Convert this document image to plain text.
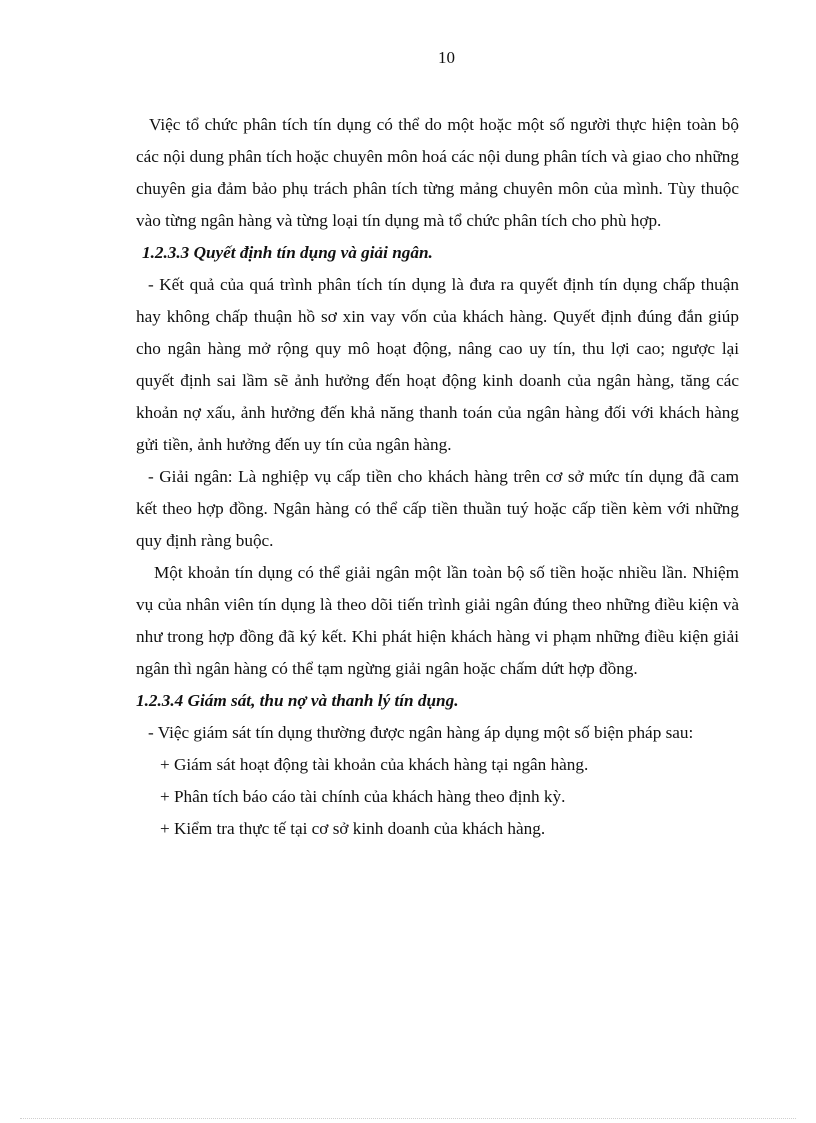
10

Việc tổ chức phân tích tín dụng có thể do một hoặc một số người thực hiện toàn bộ các nội dung phân tích hoặc chuyên môn hoá các nội dung phân tích và giao cho những chuyên gia đảm bảo phụ trách phân tích từng mảng chuyên môn của mình. Tùy thuộc vào từng ngân hàng và từng loại tín dụng mà tổ chức phân tích cho phù hợp.

1.2.3.3 Quyết định tín dụng và giải ngân.

- Kết quả của quá trình phân tích tín dụng là đưa ra quyết định tín dụng chấp thuận hay không chấp thuận hồ sơ xin vay vốn của khách hàng. Quyết định đúng đắn giúp cho ngân hàng mở rộng quy mô hoạt động, nâng cao uy tín, thu lợi cao; ngược lại quyết định sai lầm sẽ ảnh hưởng đến hoạt động kinh doanh của ngân hàng, tăng các khoản nợ xấu, ảnh hưởng đến khả năng thanh toán của ngân hàng đối với khách hàng gửi tiền, ảnh hưởng đến uy tín của ngân hàng.

- Giải ngân: Là nghiệp vụ cấp tiền cho khách hàng trên cơ sở mức tín dụng đã cam kết theo hợp đồng. Ngân hàng có thể cấp tiền thuần tuý hoặc cấp tiền kèm với những quy định ràng buộc.

Một khoản tín dụng có thể giải ngân một lần toàn bộ số tiền hoặc nhiều lần. Nhiệm vụ của nhân viên tín dụng là theo dõi tiến trình giải ngân đúng theo những điều kiện và như trong hợp đồng đã ký kết. Khi phát hiện khách hàng vi phạm những điều kiện giải ngân thì ngân hàng có thể tạm ngừng giải ngân hoặc chấm dứt hợp đồng.

1.2.3.4 Giám sát, thu nợ và thanh lý tín dụng.

- Việc giám sát tín dụng thường được ngân hàng áp dụng một số biện pháp sau:

+ Giám sát hoạt động tài khoản của khách hàng tại ngân hàng.

+ Phân tích báo cáo tài chính của khách hàng theo định kỳ.

+ Kiểm tra thực tế tại cơ sở kinh doanh của khách hàng.
